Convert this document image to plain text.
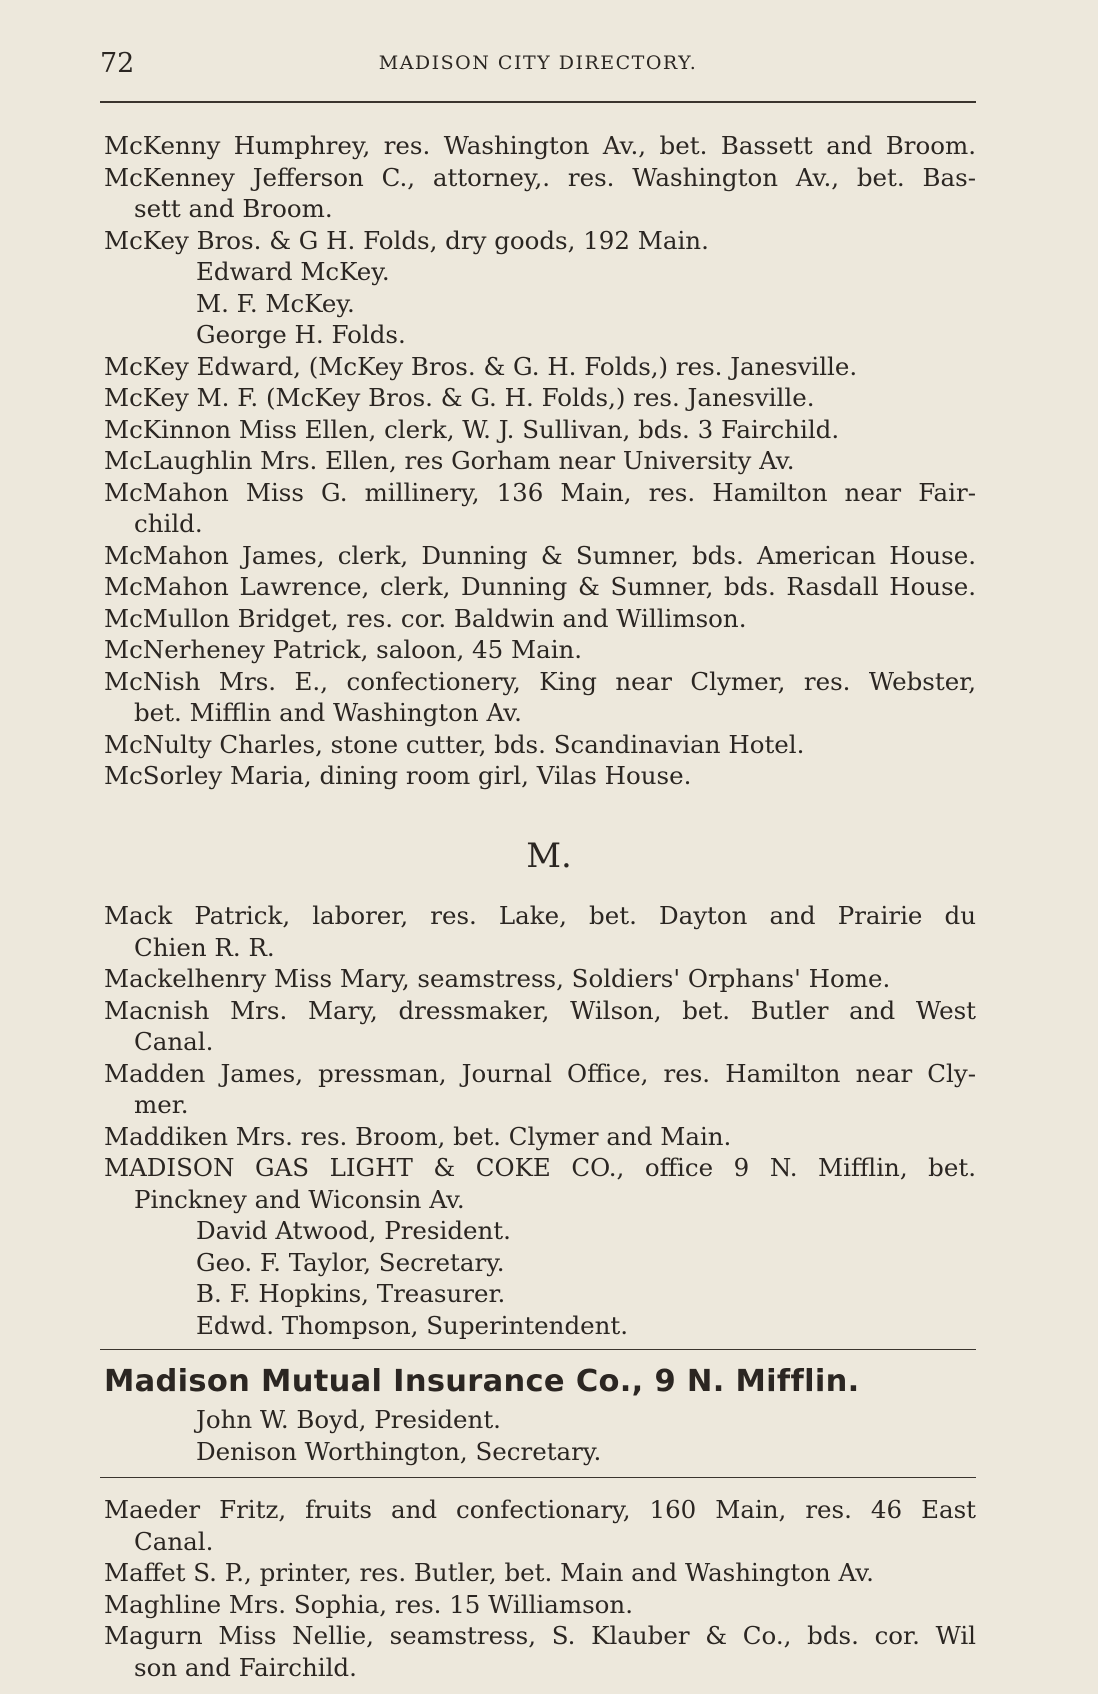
72	MADISON CITY DIRECTORY.
McKenny Humphrey, res. Washington Av., bet. Bassett and Broom.
McKenney Jefferson C., attorney,. res. Washington Av., bet. Bas-
sett and Broom.
McKey Bros. & G H. Folds, dry goods, 192 Main.
Edward McKey.
M. F. McKey.
George H. Folds.
McKey Edward, (McKey Bros. & G. H. Folds,) res. Janesville.
McKey M. F. (McKey Bros. & G. H. Folds,) res. Janesville.
McKinnon Miss Ellen, clerk, W. J. Sullivan, bds. 3 Fairchild.
McLaughlin Mrs. Ellen, res Gorham near University Av.
McMahon Miss G. millinery, 136 Main, res. Hamilton near Fair-
child.
McMahon James, clerk, Dunning & Sumner, bds. American House.
McMahon Lawrence, clerk, Dunning & Sumner, bds. Rasdall House.
McMullon Bridget, res. cor. Baldwin and Willimson.
McNerheney Patrick, saloon, 45 Main.
McNish Mrs. E., confectionery, King near Clymer, res. Webster,
bet. Mifflin and Washington Av.
McNulty Charles, stone cutter, bds. Scandinavian Hotel.
McSorley Maria, dining room girl, Vilas House.
M.
Mack Patrick, laborer, res. Lake, bet. Dayton and Prairie du
Chien R. R.
Mackelhenry Miss Mary, seamstress, Soldiers' Orphans' Home.
Macnish Mrs. Mary, dressmaker, Wilson, bet. Butler and West
Canal.
Madden James, pressman, Journal Office, res. Hamilton near Cly-
mer.
Maddiken Mrs. res. Broom, bet. Clymer and Main.
MADISON GAS LIGHT & COKE CO., office 9 N. Mifflin, bet.
Pinckney and Wiconsin Av.
David Atwood, President.
Geo. F. Taylor, Secretary.
B. F. Hopkins, Treasurer.
Edwd. Thompson, Superintendent.
Madison Mutual Insurance Co., 9 N. Mifflin.
John W. Boyd, President.
Denison Worthington, Secretary.
Maeder Fritz, fruits and confectionary, 160 Main, res. 46 East
Canal.
Maffet S. P., printer, res. Butler, bet. Main and Washington Av.
Maghline Mrs. Sophia, res. 15 Williamson.
Magurn Miss Nellie, seamstress, S. Klauber & Co., bds. cor. Wil
son and Fairchild.
